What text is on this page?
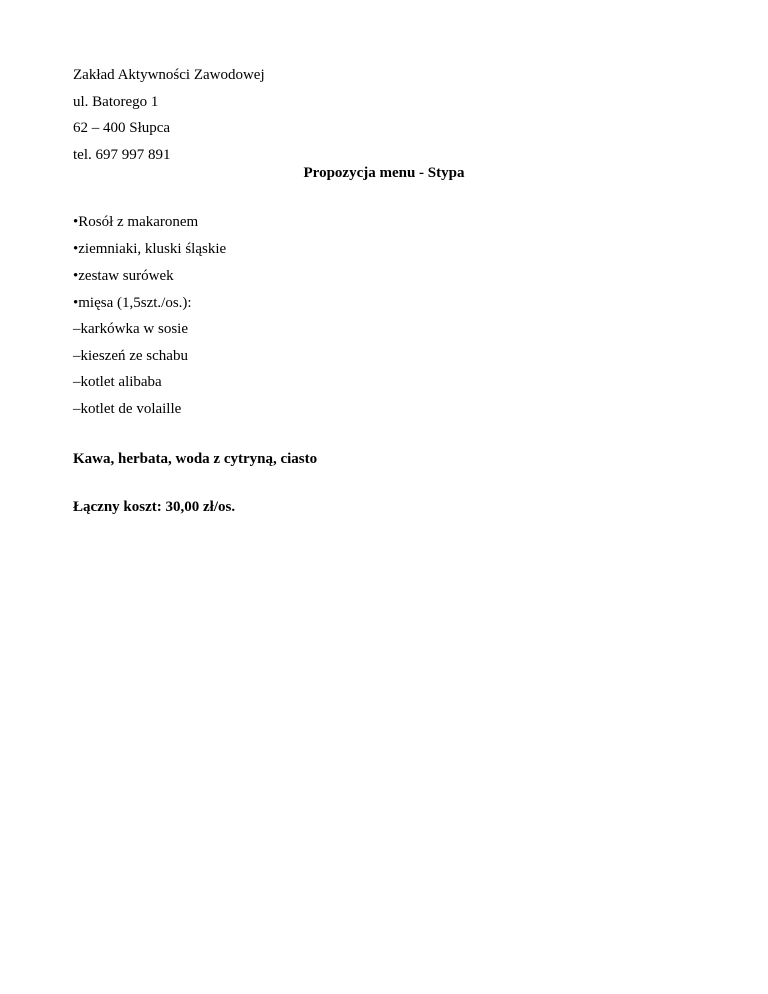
Zakład Aktywności Zawodowej
ul. Batorego 1
62 – 400 Słupca
tel. 697 997 891
Propozycja menu - Stypa
•Rosół z makaronem
•ziemniaki, kluski śląskie
•zestaw surówek
•mięsa (1,5szt./os.):
–karkówka w sosie
–kieszeń ze schabu
–kotlet alibaba
–kotlet de volaille
Kawa, herbata, woda z cytryną, ciasto
Łączny koszt: 30,00 zł/os.
